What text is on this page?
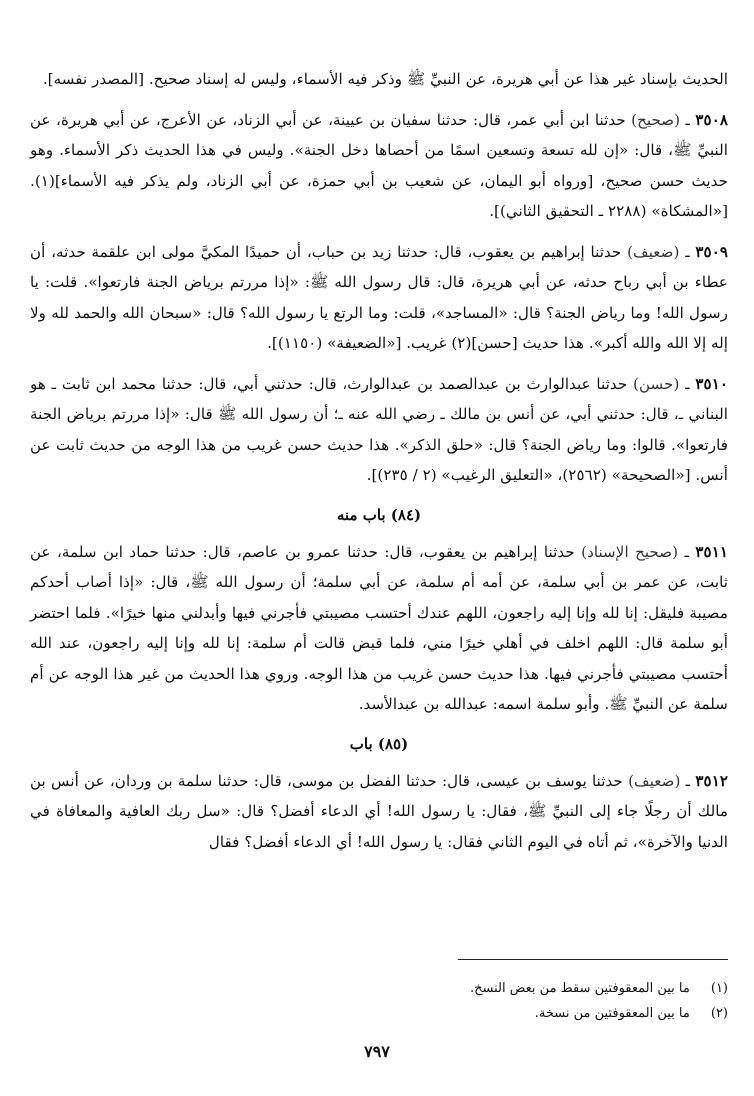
الحديث بإسناد غير هذا عن أبي هريرة، عن النبيِّ ﷺ وذكر فيه الأسماء، وليس له إسناد صحيح. [المصدر نفسه].

٣٥٠٨ ـ (صحيح) حدثنا ابن أبي عمر، قال: حدثنا سفيان بن عيينة، عن أبي الزناد، عن الأعرج، عن أبي هريرة، عن النبيِّ ﷺ، قال: «إن لله تسعة وتسعين اسمًا من أحصاها دخل الجنة». وليس في هذا الحديث ذكر الأسماء. وهو حديث حسن صحيح، [ورواه أبو اليمان، عن شعيب بن أبي حمزة، عن أبي الزناد، ولم يذكر فيه الأسماء](١). [«المشكاة» (٢٢٨٨ ـ التحقيق الثاني)].

٣٥٠٩ ـ (ضعيف) حدثنا إبراهيم بن يعقوب، قال: حدثنا زيد بن حباب، أن حميدًا المكيَّ مولى ابن علقمة حدثه، أن عطاء بن أبي رباح حدثه، عن أبي هريرة، قال: قال رسول الله ﷺ: «إذا مررتم برياض الجنة فارتعوا». قلت: يا رسول الله! وما رياض الجنة؟ قال: «المساجد»، قلت: وما الرتع يا رسول الله؟ قال: «سبحان الله والحمد لله ولا إله إلا الله والله أكبر». هذا حديث [حسن](٢) غريب. [«الضعيفة» (١١٥٠)].

٣٥١٠ ـ (حسن) حدثنا عبدالوارث بن عبدالصمد بن عبدالوارث، قال: حدثني أبي، قال: حدثنا محمد ابن ثابت ـ هو البناني ـ، قال: حدثني أبي، عن أنس بن مالك ـ رضي الله عنه ـ؛ أن رسول الله ﷺ قال: «إذا مررتم برياض الجنة فارتعوا». قالوا: وما رياض الجنة؟ قال: «حلق الذكر». هذا حديث حسن غريب من هذا الوجه من حديث ثابت عن أنس. [«الصحيحة» (٢٥٦٢)، «التعليق الرغيب» (٢ / ٢٣٥)].

(٨٤) باب منه

٣٥١١ ـ (صحيح الإسناد) حدثنا إبراهيم بن يعقوب، قال: حدثنا عمرو بن عاصم، قال: حدثنا حماد ابن سلمة، عن ثابت، عن عمر بن أبي سلمة، عن أمه أم سلمة، عن أبي سلمة؛ أن رسول الله ﷺ، قال: «إذا أصاب أحدكم مصيبة فليقل: إنا لله وإنا إليه راجعون، اللهم عندك أحتسب مصيبتي فأجرني فيها وأبدلني منها خيرًا». فلما احتضر أبو سلمة قال: اللهم اخلف في أهلي خيرًا مني، فلما قبض قالت أم سلمة: إنا لله وإنا إليه راجعون، عند الله أحتسب مصيبتي فأجرني فيها. هذا حديث حسن غريب من هذا الوجه. وروي هذا الحديث من غير هذا الوجه عن أم سلمة عن النبيِّ ﷺ. وأبو سلمة اسمه: عبدالله بن عبدالأسد.

(٨٥) باب

٣٥١٢ ـ (ضعيف) حدثنا يوسف بن عيسى، قال: حدثنا الفضل بن موسى، قال: حدثنا سلمة بن وردان، عن أنس بن مالك أن رجلًا جاء إلى النبيِّ ﷺ، فقال: يا رسول الله! أي الدعاء أفضل؟ قال: «سل ربك العافية والمعافاة في الدنيا والآخرة»، ثم أتاه في اليوم الثاني فقال: يا رسول الله! أي الدعاء أفضل؟ فقال

(١) ما بين المعقوفتين سقط من بعض النسخ.
(٢) ما بين المعقوفتين من نسخة.
٧٩٧
